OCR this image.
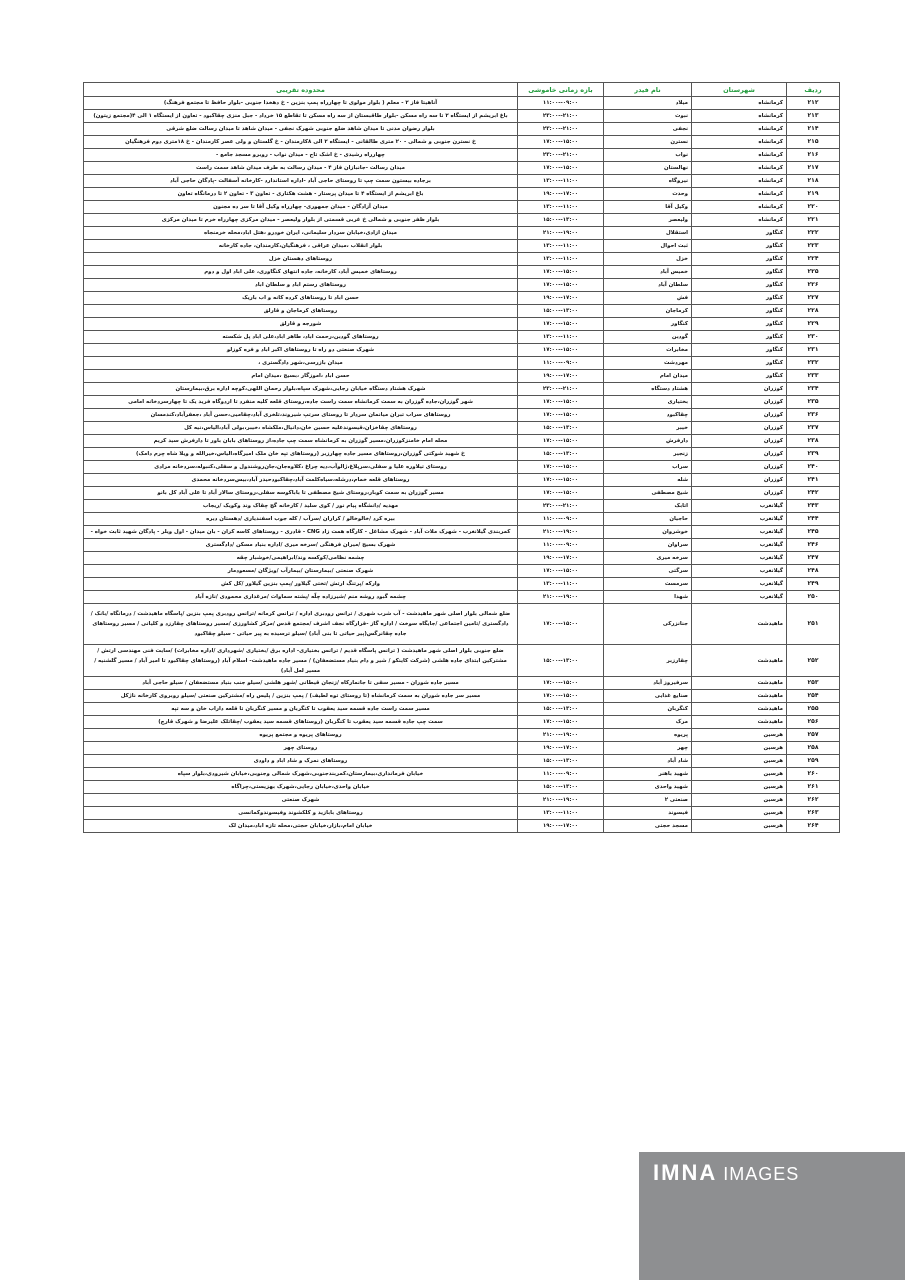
ردیف	شهرستان	نام فیدر	بازه زمانی خاموشی	محدوده تقریبی
۲۱۲	کرمانشاه	میلاد	۰۹:۰۰--۱۱:۰۰	آناهیتا فاز ۲ - معلم ( بلوار مولوی تا چهارراه پمپ بنزین - خ دهخدا جنوبی -بلوار حافظ تا مجتمع فرهنگ)
۲۱۳	کرمانشاه	نبوت	۲۱:۰۰--۲۳:۰۰	باغ ابریشم از ایستگاه ۲ تا سه راه مسکن -بلوار طاقبستان از سه راه مسکن تا تقاطع ۱۵ خرداد - جبل منزی چقاکبود - تعاون از ایستگاه ۱ الی ۴(مجتمع زیتون)
۲۱۴	کرمانشاه	نجفی	۲۱:۰۰--۲۳:۰۰	بلوار رضوان مدنی تا میدان شاهد ضلع جنوبی شهرک نجفی - میدان شاهد تا میدان رسالت ضلع شرقی
۲۱۵	کرمانشاه	نسترن	۱۵:۰۰--۱۷:۰۰	خ نسترن جنوبی و شمالی - ۲۰ متری طالقانی - ایستگاه ۲ الی ۸کارمندان - خ گلستان و ولی عصر کارمندان - خ ۱۸متری دوم فرهنگیان
۲۱۶	کرمانشاه	نواب	۲۱:۰۰--۲۳:۰۰	چهارراه رشیدی - خ اشک تاج - میدان نواب - روبرو مسجد جامع -
۲۱۷	کرمانشاه	نهالستان	۱۵:۰۰--۱۷:۰۰	میدان رسالت -جانبازان فاز ۴ - میدان رسالت به طرف میدان شاهد سمت راست
۲۱۸	کرمانشاه	نیروگاه	۱۱:۰۰--۱۳:۰۰	برجاده بیستون سمت چپ تا روستای حاجی آباد -اداره استاندارد -کارخانه آسفالت -پادگان حاجی آباد
۲۱۹	کرمانشاه	وحدت	۱۷:۰۰--۱۹:۰۰	باغ ابریشم از ایستگاه ۴ تا میدان پرستار - هشت هکتاری - تعاون ۳ - تعاون ۲ تا درمانگاه تعاون
۲۲۰	کرمانشاه	وکیل آقا	۱۱:۰۰--۱۳:۰۰	میدان آزادگان - میدان جمهوری- چهارراه وکیل آقا تا سر ده مجنون
۲۲۱	کرمانشاه	ولیعصر	۱۳:۰۰--۱۵:۰۰	بلوار ظفر جنوبی و شمالی خ غربی قسمتی از بلوار ولیعصر - میدان مرکزی چهارراه خرم تا میدان مرکزی
۲۲۲	کنگاور	استقلال	۱۹:۰۰--۲۱:۰۰	میدان ازادی،خیابان سردار سلیمانی، ایران خودرو ،هتل اباد،محله خرمنجاه
۲۲۳	کنگاور	ثبت احوال	۱۱:۰۰--۱۳:۰۰	بلوار انقلاب ،میدان عراقی ، فرهنگیان،کارمندان، جاده کارخانه
۲۲۴	کنگاور	خزل	۱۱:۰۰--۱۳:۰۰	روستاهای دهستان خزل
۲۲۵	کنگاور	خمیس آباد	۱۵:۰۰--۱۷:۰۰	روستاهای خمیس آباد، کارخانه، جاده انتهای کنگاوری، علی اباد اول و دوم
۲۲۶	کنگاور	سلطان آباد	۱۵:۰۰--۱۷:۰۰	روستاهای رستم اباد و سلطان اباد
۲۲۷	کنگاور	فش	۱۷:۰۰--۱۹:۰۰	حسن اباد تا روستاهای کرده کانه و اب باریک
۲۲۸	کنگاور	کرماجان	۱۳:۰۰--۱۵:۰۰	روستاهای کرماجان و قارلق
۲۲۹	کنگاور	کنگاور	۱۵:۰۰--۱۷:۰۰	شورجه و قارلق
۲۳۰	کنگاور	گودین	۱۱:۰۰--۱۳:۰۰	روستاهای گودین،رحمت اباد، طاهر اباد،علی اباد پل شکسته
۲۳۱	کنگاور	مخابرات	۱۵:۰۰--۱۷:۰۰	شهرک صنعتی دو راه تا روستاهای اکبر اباد و فره کوزلو
۲۳۲	کنگاور	مهردشت	۰۹:۰۰--۱۱:۰۰	میدان بازرسی،شهر دادگستری ،
۲۳۳	کنگاور	میدان امام	۱۷:۰۰--۱۹:۰۰	حسن اباد ،اموزگار ،بسیج ،میدان امام
۲۳۴	کوزران	هشتاد دستگاه	۲۱:۰۰--۲۳:۰۰	شهرک هشتاد دستگاه خیابان رجایی،شهرک سپاه،بلوار رحمان اللهی،کوچه اداره برق،بیمارستان
۲۳۵	کوزران	بختیاری	۱۵:۰۰--۱۷:۰۰	شهر گوزران،جاده گوزران به سمت کرمانشاه سمت راست جاده،روستای قلعه کلیه منفرد تا اردوگاه فرید یک تا چهارسردخانه امامی
۲۳۶	کوزران	چقاکبود	۱۵:۰۰--۱۷:۰۰	روستاهای سراب تبران میانمان سردار تا روستای سرتپ شیروند،تلخری آباد،چقامیی،حسن آباد ،جعفرآباد،کندمسان
۲۳۷	کوزران	خیبر	۱۳:۰۰--۱۵:۰۰	روستاهای چقاخزان،قیسوندعلیه حسین خان،دانیال،ملکشاه ،خیبر،بولی آباد،الیاس،نیه کل
۲۳۸	کوزران	دارفرش	۱۵:۰۰--۱۷:۰۰	محله امام خامنزکوزران،مسیر گوزران به کرمانشاه سمت چپ جاده،از روستاهای بابان باور تا دارفرش سید کریم
۲۳۹	کوزران	زنجیر	۱۳:۰۰--۱۵:۰۰	خ شهید شوکتی گوزران،روستاهای مسیر جاده چهارزبر (روستاهای تپه خان ملک امیرگاه،الیاس،خیرالله و ویلا شاه چرم دامک)
۲۴۰	کوزران	سراب	۱۵:۰۰--۱۷:۰۰	روستای تیلاوره علیا و سفلی،سرپلاغ،ژالوآب،دیه چراغ ،کلاوه‌جان،جان‌روشندول و سفلی،کنبوله،سردخانه مرادی
۲۴۱	کوزران	شله	۱۵:۰۰--۱۷:۰۰	روستاهای قلعه خمام،درشله،سیاه‌کلمت آباد،چقاکبودحیدر آباد،بیس‌سردخانه محمدی
۲۴۲	کوزران	شیخ مصطفی	۱۵:۰۰--۱۷:۰۰	مسیر گوزران به سمت کوبار،روستای شیخ مصطفی تا باباکوسه سفلی،روستای سالار آباد تا علی آباد کل بانو
۲۴۳	گیلانغرب	اتابک	۲۱:۰۰--۲۳:۰۰	مهدیه /دانشگاه پیام نور / کوی سلید / کارخانه گچ چقاک وند وکویک /ریجاب
۲۴۴	گیلانغرب	حاجیان	۰۹:۰۰--۱۱:۰۰	بیره کرد /خالوخالو / کراران /سرآب / کله جوب اسفندیاری /دهستان دیره
۲۴۵	گیلانغرب	خوشروان	۱۹:۰۰--۲۱:۰۰	کمربندی گیلانغرب - شهرک ملات آباد - شهرک مشاغل - کارگاه همت زاد CNG - قادری - روستاهای کاسه کران - بان میدان - اول ویلر - پادگان شهید ثابت خواه -
۲۴۶	گیلانغرب	سراوان	۰۹:۰۰--۱۱:۰۰	شهرک بسیج /میران فرهنگی /سرخه میری /اداره بنیاد مسکن /دادگستری
۲۴۷	گیلانغرب	سرخه میری	۱۷:۰۰--۱۹:۰۰	چشمه نظامی/کوکسه وند/ابراهیمی/خوشبار چقه
۲۴۸	گیلانغرب	سرگتی	۱۵:۰۰--۱۷:۰۰	شهرک صنعتی /بیمارستان /بیمارآب /ویژگان /مسعودمار
۲۴۹	گیلانغرب	سرمست	۱۱:۰۰--۱۳:۰۰	وارکه /پرتنگ ارتش /تختی گیلاور /پمپ بنزین گیلاور /کل کش
۲۵۰	گیلانغرب	شهدا	۱۹:۰۰--۲۱:۰۰	چشمه گبود روشه منم /شیرزاده چلّه /پشته سماوات /مرغداری محمودی /نازه آباد
۲۵۱	ماهیدشت	جنانزرکی	۱۵:۰۰--۱۷:۰۰	ضلع شمالی بلوار اصلی شهر ماهیدشت - آب شرب شهری / ترانس رودبری اداره / ترانس کرمانه /ترانس رودبری پمپ بنزین /پاسگاه ماهیدشت / درمانگاه /بانک /دادگستری /تامین اجتماعی /جایگاه سوخت / اداره گاز -قرارگاه نجف اشرف /مجتمع قدس /مرکز کشاورزی /مسیر روستاهای چقارزد و کلیانی / مسیر روستاهای جاده چقانرگس(پیر حیاتی تا بنی آباد) /سیلو ترسیده به پیر حیاتی - سیلو چقاکبود
۲۵۲	ماهیدشت	چقارزبر	۱۳:۰۰--۱۵:۰۰	ضلع جنوبی بلوار اصلی شهر ماهیدشت ( ترانس پاسگاه قدیم / ترانس بختیاری- اداره برق /بختیاری /شهرداری /اداره مخابرات) /سایت فنی مهندسی ارتش / مشترکین ابتدای جاده هلشی (شرکت کاینکو / شیر و دام بنیاد مستضعفان) / مسیر جاده ماهیدشت- اسلام آباد (روستاهای چقاکبود تا امیر آباد / مسیر گلشنیه / مسیر لعل آباد)
۲۵۳	ماهیدشت	سرفیروز آباد	۱۵:۰۰--۱۷:۰۰	مسیر جاده شوران - مسیر سقی تا جانمارکاه /زنجان قیطانی /شهر هلشی /سیلو جنب بنیاد مستضعفان / سیلو حاجی آباد
۲۵۴	ماهیدشت	صنایع غذایی	۱۵:۰۰--۱۷:۰۰	مسیر سر جاده شوران به سمت کرمانشاه (تا روستای توه لطیف) / پمپ بنزین / پلیس راه /مشترکین صنعتی /سیلو روبروی کارخانه ناژکل
۲۵۵	ماهیدشت	کنگربان	۱۳:۰۰--۱۵:۰۰	مسیر سمت راست جاده قسمه سید یعقوب تا کنگربان و مسیر کنگربان تا قلعه داراب خان و سه تپه
۲۵۶	ماهیدشت	مرک	۱۵:۰۰--۱۷:۰۰	سمت چپ جاده قسمه سید یعقوب تا کنگربان (روستاهای قسمه سید یعقوب /چقاتلک علیرضا و شهرک قارچ)
۲۵۷	هرسین	پریوه	۱۹:۰۰--۲۱:۰۰	روستاهای پریوه و مجتمع پریوه
۲۵۸	هرسین	چهر	۱۷:۰۰--۱۹:۰۰	روستای چهر
۲۵۹	هرسین	شاد آباد	۱۳:۰۰--۱۵:۰۰	روستاهای نمرک و شاد اباد و داودی
۲۶۰	هرسین	شهید باهنر	۰۹:۰۰--۱۱:۰۰	خیابان فرمانداری،بیمارستان،کمربندجنوبی،شهرک شمالی وجنوبی،خیابان شیرودی،بلوار سپاه
۲۶۱	هرسین	شهید واحدی	۱۳:۰۰--۱۵:۰۰	خیابان واحدی،خیابان رجایی،شهرک بهزیستی،چراگاه
۲۶۲	هرسین	صنعتی ۲	۱۹:۰۰--۲۱:۰۰	شهرک صنعتی
۲۶۳	هرسین	فیسوند	۱۱:۰۰--۱۳:۰۰	روستاهای بابازید و کلکشوند وفیسوندوکمانسی
۲۶۴	هرسین	مسجد حجتی	۱۷:۰۰--۱۹:۰۰	خیابان امام،بازار،خیابان حجتی،محله تازه اباد،میدان لک
IMNA IMAGES
